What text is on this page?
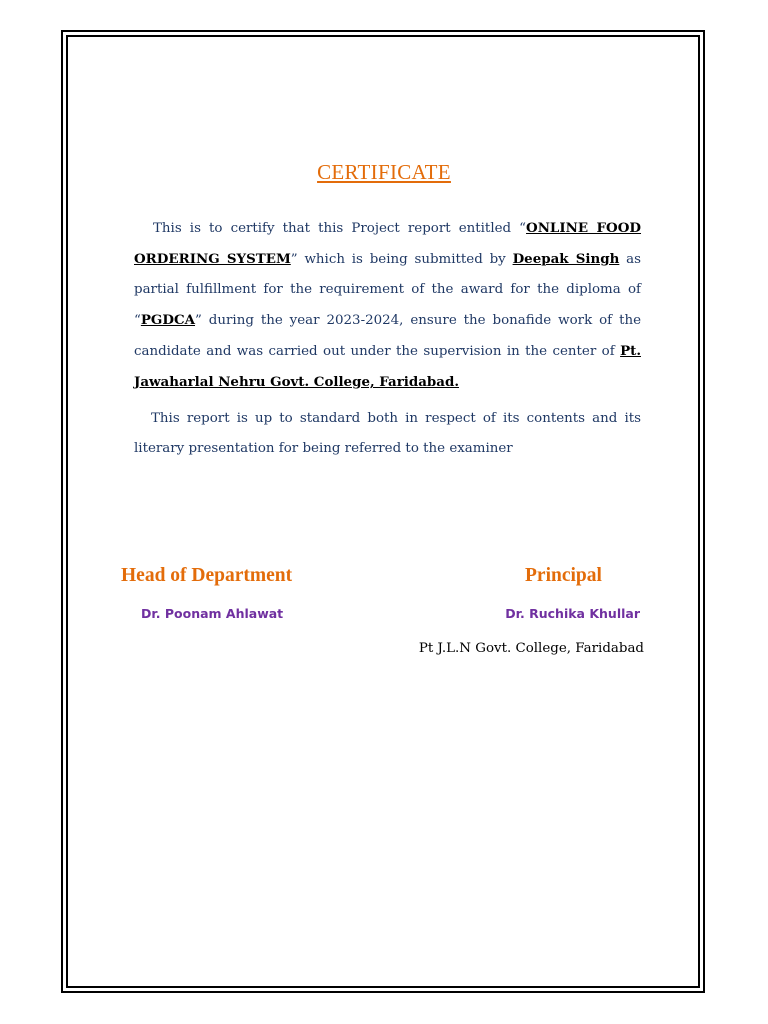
CERTIFICATE
This is to certify that this Project report entitled “ONLINE FOOD ORDERING SYSTEM” which is being submitted by Deepak Singh as partial fulfillment for the requirement of the award for the diploma of “PGDCA” during the year 2023-2024, ensure the bonafide work of the candidate and was carried out under the supervision in the center of Pt. Jawaharlal Nehru Govt. College, Faridabad.
This report is up to standard both in respect of its contents and its literary presentation for being referred to the examiner
Head of Department	Principal
Dr. Poonam Ahlawat	Dr. Ruchika Khullar
Pt J.L.N Govt. College, Faridabad
